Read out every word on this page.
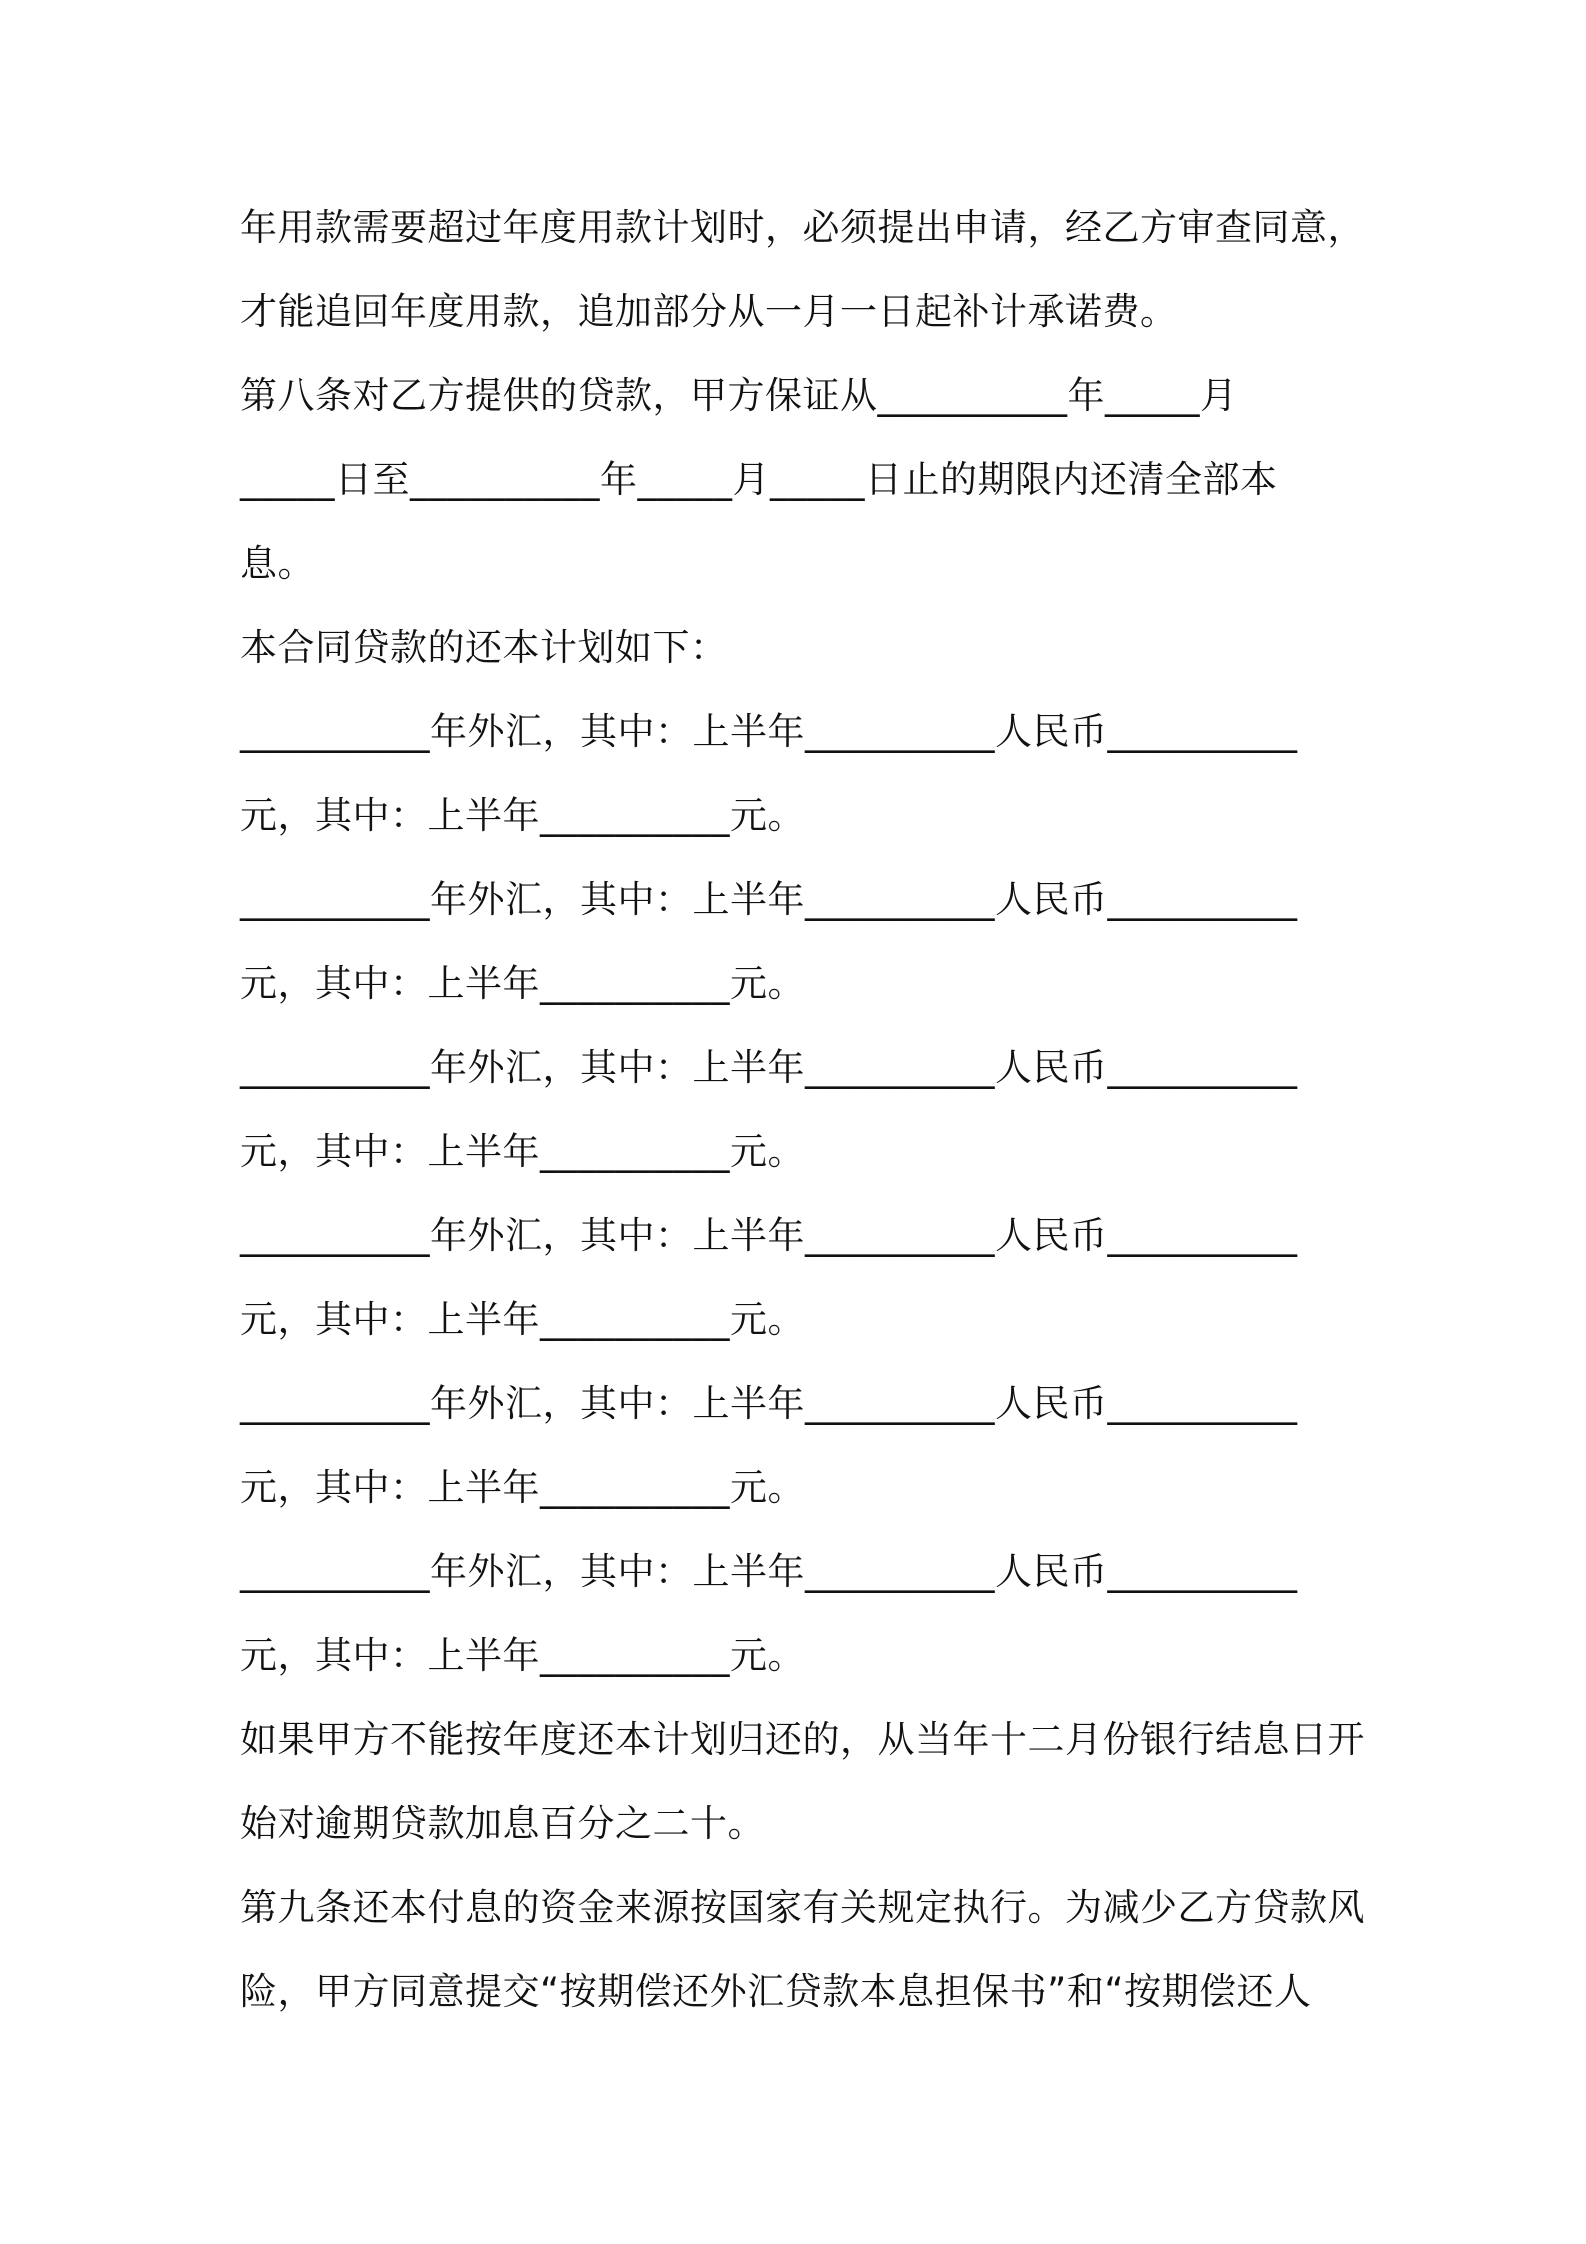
年用款需要超过年度用款计划时，必须提出申请，经乙方审查同意，
才能追回年度用款，追加部分从一月一日起补计承诺费。
第八条对乙方提供的贷款，甲方保证从__________年_____月
_____日至__________年_____月_____日止的期限内还清全部本
息。
本合同贷款的还本计划如下：
__________年外汇，其中：上半年__________人民币__________
元，其中：上半年__________元。
__________年外汇，其中：上半年__________人民币__________
元，其中：上半年__________元。
__________年外汇，其中：上半年__________人民币__________
元，其中：上半年__________元。
__________年外汇，其中：上半年__________人民币__________
元，其中：上半年__________元。
__________年外汇，其中：上半年__________人民币__________
元，其中：上半年__________元。
__________年外汇，其中：上半年__________人民币__________
元，其中：上半年__________元。
如果甲方不能按年度还本计划归还的，从当年十二月份银行结息日开
始对逾期贷款加息百分之二十。
第九条还本付息的资金来源按国家有关规定执行。为减少乙方贷款风
险，甲方同意提交“按期偿还外汇贷款本息担保书”和“按期偿还人
